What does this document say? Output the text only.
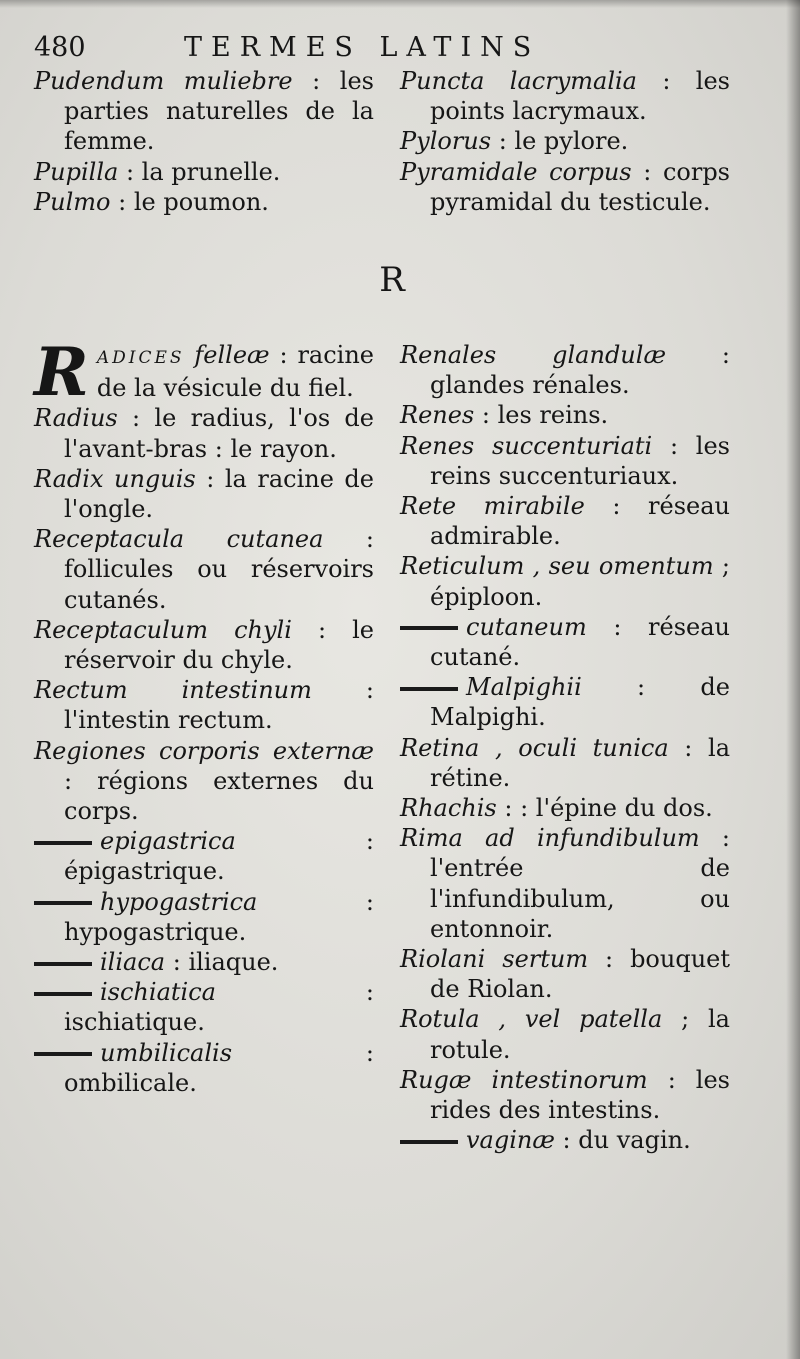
480	TERMES LATINS

Pudendum muliebre : les parties naturelles de la femme.

Pupilla : la prunelle.

Pulmo : le poumon.

Puncta lacrymalia : les points lacrymaux.

Pylorus : le pylore.

Pyramidale corpus : corps pyramidal du testicule.

R

RADICES felleæ : racine de la vésicule du fiel.

Radius : le radius, l'os de l'avant-bras : le rayon.

Radix unguis : la racine de l'ongle.

Receptacula cutanea : follicules ou réservoirs cutanés.

Receptaculum chyli : le réservoir du chyle.

Rectum intestinum : l'intestin rectum.

Regiones corporis externæ : régions externes du corps.

epigastrica : épigastrique.

hypogastrica : hypogastrique.

iliaca : iliaque.

ischiatica : ischiatique.

umbilicalis : ombilicale.

Renales glandulæ : glandes rénales.

Renes : les reins.

Renes succenturiati : les reins succenturiaux.

Rete mirabile : réseau admirable.

Reticulum , seu omentum ; épiploon.

cutaneum : réseau cutané.

Malpighii : de Malpighi.

Retina , oculi tunica : la rétine.

Rhachis : : l'épine du dos.

Rima ad infundibulum : l'entrée de l'infundibulum, ou entonnoir.

Riolani sertum : bouquet de Riolan.

Rotula , vel patella ; la rotule.

Rugæ intestinorum : les rides des intestins.

vaginæ : du vagin.
